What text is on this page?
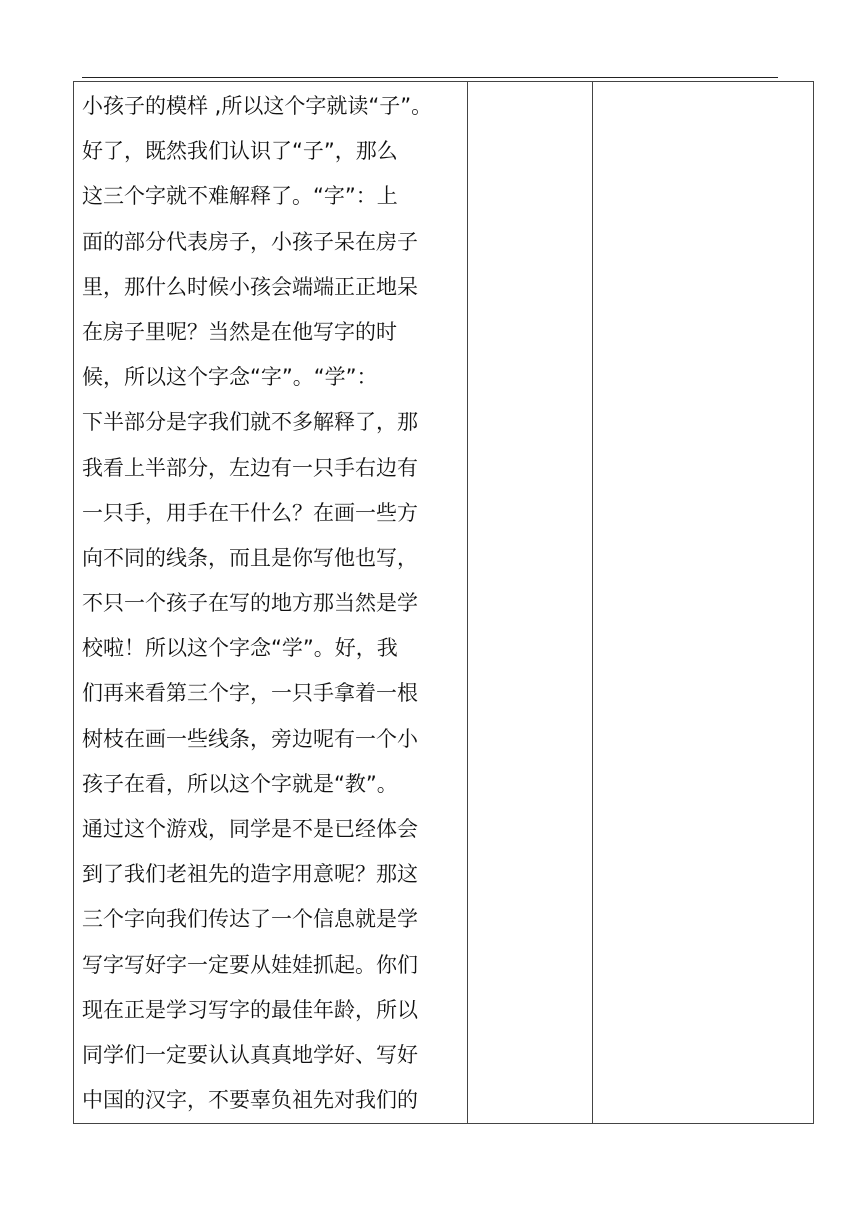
小孩子的模样 ,所以这个字就读“子”。
好了，既然我们认识了“子”，那么
这三个字就不难解释了。“字”：上
面的部分代表房子，小孩子呆在房子
里，那什么时候小孩会端端正正地呆
在房子里呢？当然是在他写字的时
候，所以这个字念“字”。“学”：
下半部分是字我们就不多解释了，那
我看上半部分，左边有一只手右边有
一只手，用手在干什么？在画一些方
向不同的线条，而且是你写他也写，
不只一个孩子在写的地方那当然是学
校啦！所以这个字念“学”。好，我
们再来看第三个字，一只手拿着一根
树枝在画一些线条，旁边呢有一个小
孩子在看，所以这个字就是“教”。
通过这个游戏，同学是不是已经体会
到了我们老祖先的造字用意呢？那这
三个字向我们传达了一个信息就是学
写字写好字一定要从娃娃抓起。你们
现在正是学习写字的最佳年龄，所以
同学们一定要认认真真地学好、写好
中国的汉字，不要辜负祖先对我们的
